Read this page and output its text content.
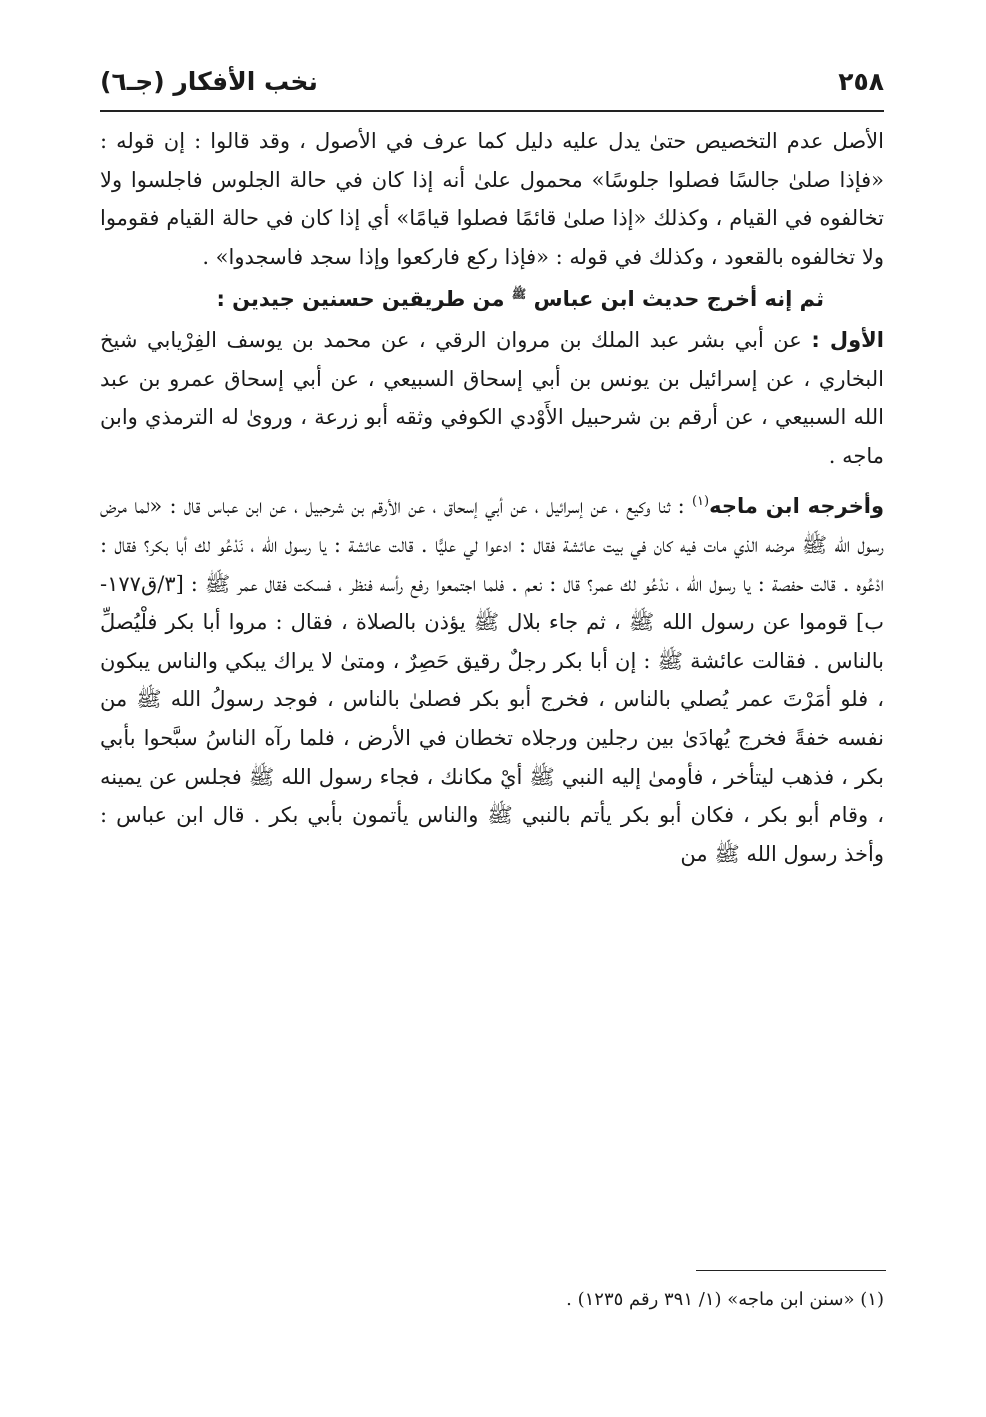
٢٥٨
نخب الأفكار (جـ٦)

الأصل عدم التخصيص حتىٰ يدل عليه دليل كما عرف في الأصول ، وقد قالوا : إن قوله : «فإذا صلىٰ جالسًا فصلوا جلوسًا» محمول علىٰ أنه إذا كان في حالة الجلوس فاجلسوا ولا تخالفوه في القيام ، وكذلك «إذا صلىٰ قائمًا فصلوا قيامًا» أي إذا كان في حالة القيام فقوموا ولا تخالفوه بالقعود ، وكذلك في قوله : «فإذا ركع فاركعوا وإذا سجد فاسجدوا» .

ثم إنه أخرج حديث ابن عباس $^ﷺ$ من طريقين حسنين جيدين :

الأول : عن أبي بشر عبد الملك بن مروان الرقي ، عن محمد بن يوسف الفِرْيابي شيخ البخاري ، عن إسرائيل بن يونس بن أبي إسحاق السبيعي ، عن أبي إسحاق عمرو بن عبد الله السبيعي ، عن أرقم بن شرحبيل الأَوْدي الكوفي وثقه أبو زرعة ، وروىٰ له الترمذي وابن ماجه .

وأخرجه ابن ماجه$^{(١)}$ : ثنا وكيع ، عن إسرائيل ، عن أبي إسحاق ، عن الأرقم بن شرحبيل ، عن ابن عباس قال : «لما مرض رسول الله ﷺ مرضه الذي مات فيه كان في بيت عائشة فقال : ادعوا لي عليًّا . قالت عائشة : يا رسول الله ، نَدْعُو لك أبا بكر؟ فقال : ادْعُوه . قالت حفصة : يا رسول الله ، ندْعُو لك عمر؟ قال : نعم . فلما اجتمعوا رفع رأسه فنظر ، فسكت فقال عمر ﷺ : [٣/ق١٧٧-ب] قوموا عن رسول الله ﷺ ، ثم جاء بلال ﷺ يؤذن بالصلاة ، فقال : مروا أبا بكر فلْيُصلِّ بالناس . فقالت عائشة ﷺ : إن أبا بكر رجلٌ رقيق حَصِرٌ ، ومتىٰ لا يراك يبكي والناس يبكون ، فلو أمَرْتَ عمر يُصلي بالناس ، فخرج أبو بكر فصلىٰ بالناس ، فوجد رسولُ الله ﷺ من نفسه خفةً فخرج يُهادَىٰ بين رجلين ورجلاه تخطان في الأرض ، فلما رآه الناسُ سبَّحوا بأبي بكر ، فذهب ليتأخر ، فأومىٰ إليه النبي ﷺ أيْ مكانك ، فجاء رسول الله ﷺ فجلس عن يمينه ، وقام أبو بكر ، فكان أبو بكر يأتم بالنبي ﷺ والناس يأتمون بأبي بكر . قال ابن عباس : وأخذ رسول الله ﷺ من

(١) «سنن ابن ماجه» (١/ ٣٩١ رقم ١٢٣٥) .
